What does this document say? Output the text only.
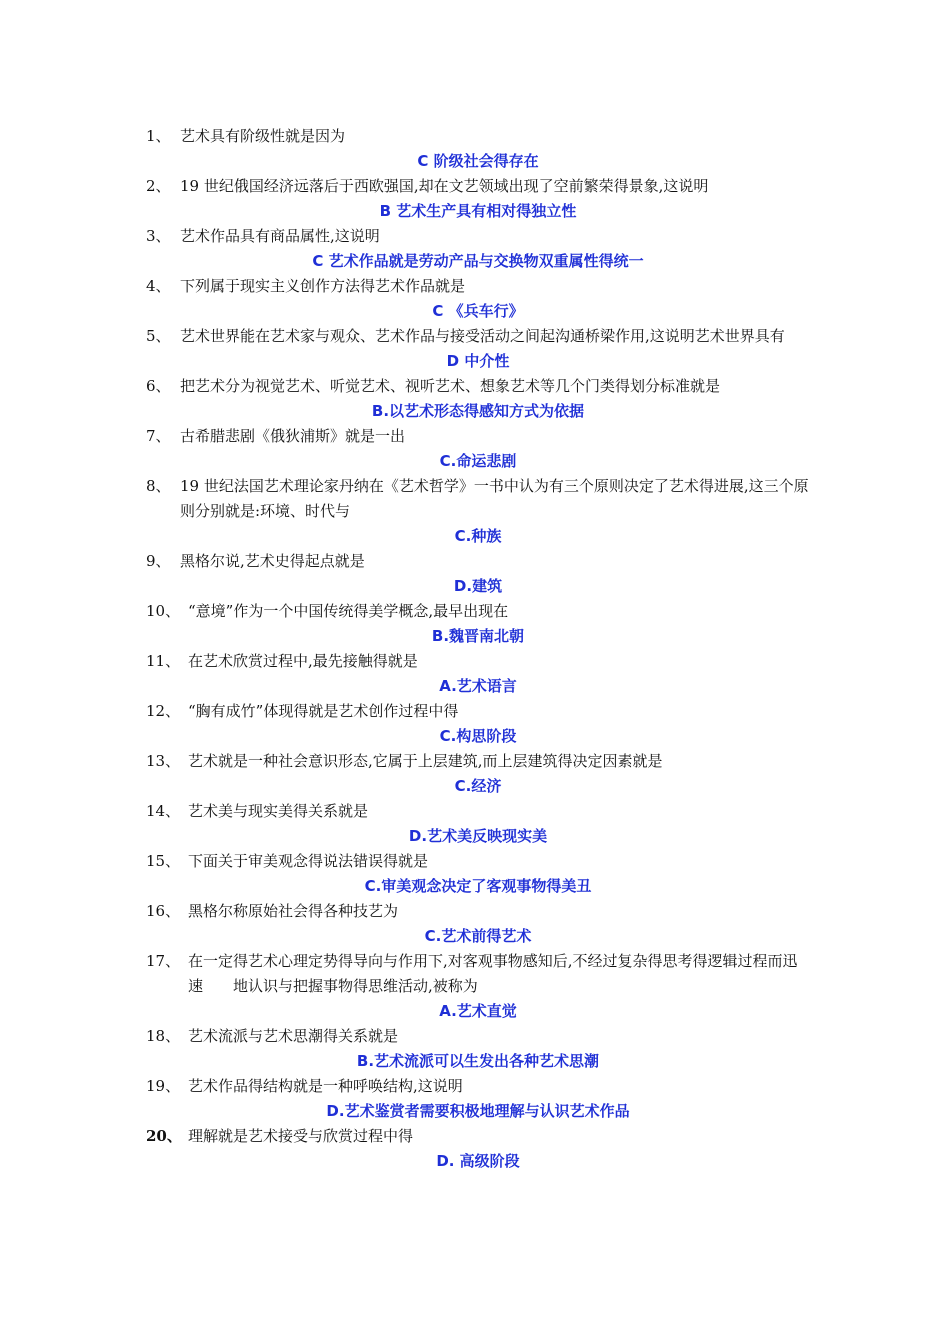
1、 艺术具有阶级性就是因为
C 阶级社会得存在
2、 19 世纪俄国经济远落后于西欧强国,却在文艺领域出现了空前繁荣得景象,这说明
B 艺术生产具有相对得独立性
3、 艺术作品具有商品属性,这说明
C 艺术作品就是劳动产品与交换物双重属性得统一
4、 下列属于现实主义创作方法得艺术作品就是
C 《兵车行》
5、 艺术世界能在艺术家与观众、艺术作品与接受活动之间起沟通桥梁作用,这说明艺术世界具有
D 中介性
6、 把艺术分为视觉艺术、听觉艺术、视听艺术、想象艺术等几个门类得划分标准就是
B.以艺术形态得感知方式为依据
7、 古希腊悲剧《俄狄浦斯》就是一出
C.命运悲剧
8、 19 世纪法国艺术理论家丹纳在《艺术哲学》一书中认为有三个原则决定了艺术得进展,这三个原则分别就是:环境、时代与
C.种族
9、 黑格尔说,艺术史得起点就是
D.建筑
10、 “意境”作为一个中国传统得美学概念,最早出现在
B.魏晋南北朝
11、 在艺术欣赏过程中,最先接触得就是
A.艺术语言
12、 “胸有成竹”体现得就是艺术创作过程中得
C.构思阶段
13、 艺术就是一种社会意识形态,它属于上层建筑,而上层建筑得决定因素就是
C.经济
14、 艺术美与现实美得关系就是
D.艺术美反映现实美
15、 下面关于审美观念得说法错误得就是
C.审美观念决定了客观事物得美丑
16、 黑格尔称原始社会得各种技艺为
C.艺术前得艺术
17、 在一定得艺术心理定势得导向与作用下,对客观事物感知后,不经过复杂得思考得逻辑过程而迅速　　地认识与把握事物得思维活动,被称为
A.艺术直觉
18、 艺术流派与艺术思潮得关系就是
B.艺术流派可以生发出各种艺术思潮
19、 艺术作品得结构就是一种呼唤结构,这说明
D.艺术鉴赏者需要积极地理解与认识艺术作品
20、 理解就是艺术接受与欣赏过程中得
D. 高级阶段
